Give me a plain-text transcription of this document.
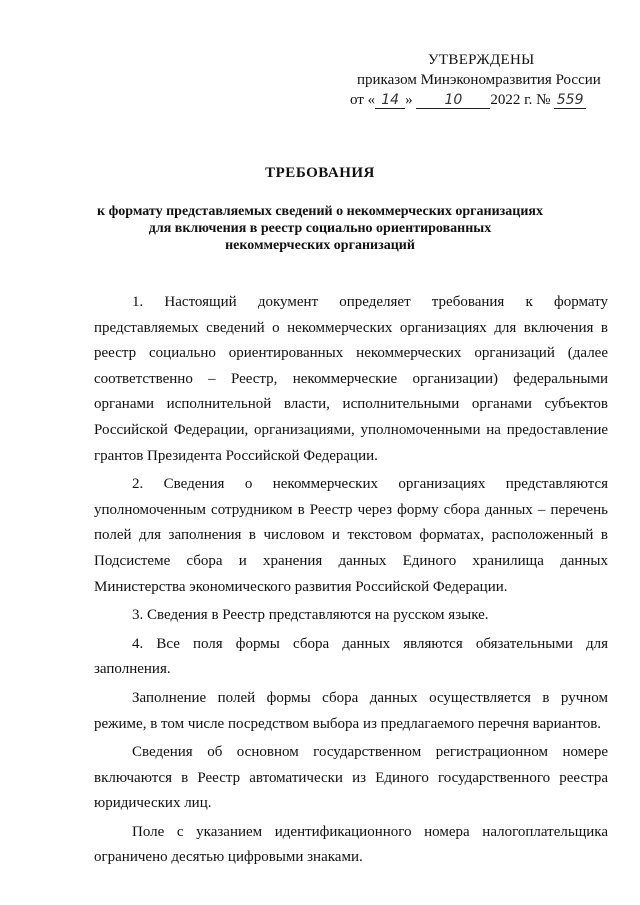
УТВЕРЖДЕНЫ
приказом Минэкономразвития России
от « 14 » 10 2022 г. № 559
ТРЕБОВАНИЯ
к формату представляемых сведений о некоммерческих организациях
для включения в реестр социально ориентированных
некоммерческих организаций

1. Настоящий документ определяет требования к формату представляемых сведений о некоммерческих организациях для включения в реестр социально ориентированных некоммерческих организаций (далее соответственно – Реестр, некоммерческие организации) федеральными органами исполнительной власти, исполнительными органами субъектов Российской Федерации, организациями, уполномоченными на предоставление грантов Президента Российской Федерации.

2. Сведения о некоммерческих организациях представляются уполномоченным сотрудником в Реестр через форму сбора данных – перечень полей для заполнения в числовом и текстовом форматах, расположенный в Подсистеме сбора и хранения данных Единого хранилища данных Министерства экономического развития Российской Федерации.

3. Сведения в Реестр представляются на русском языке.

4. Все поля формы сбора данных являются обязательными для заполнения.

Заполнение полей формы сбора данных осуществляется в ручном режиме, в том числе посредством выбора из предлагаемого перечня вариантов.

Сведения об основном государственном регистрационном номере включаются в Реестр автоматически из Единого государственного реестра юридических лиц.

Поле с указанием идентификационного номера налогоплательщика ограничено десятью цифровыми знаками.
